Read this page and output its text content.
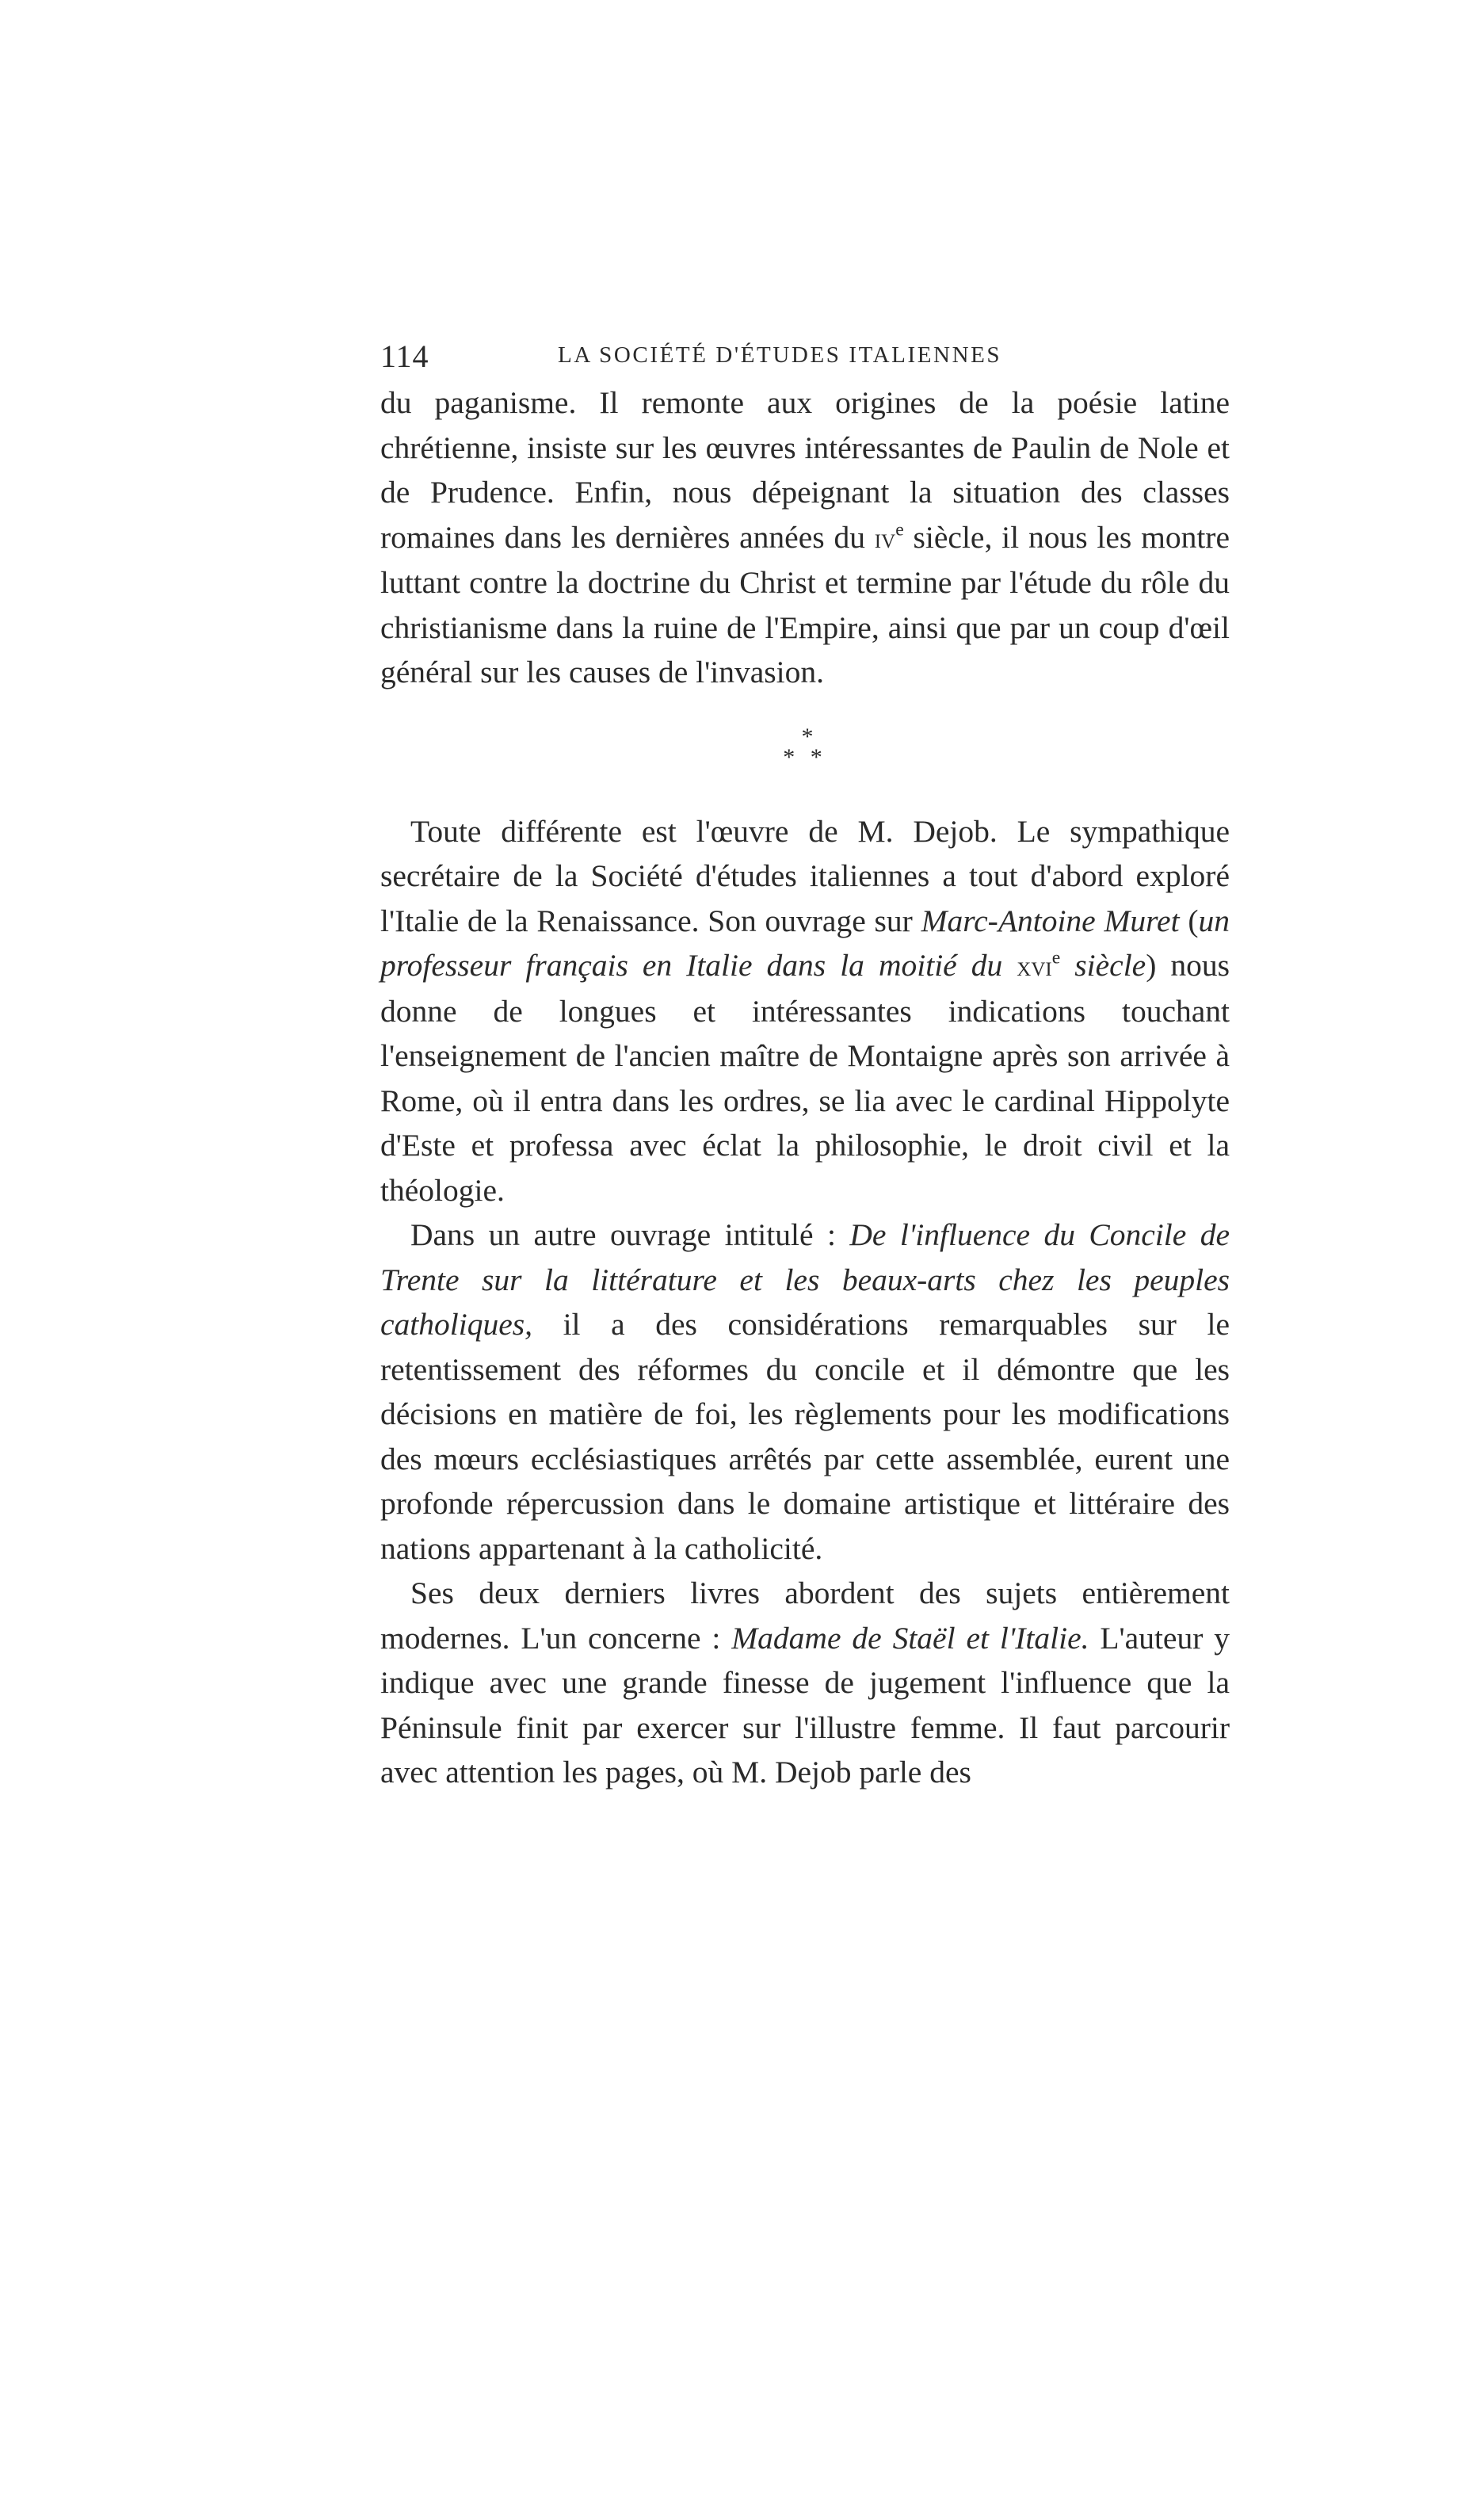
114	LA SOCIÉTÉ D'ÉTUDES ITALIENNES

du paganisme. Il remonte aux origines de la poésie latine chrétienne, insiste sur les œuvres intéressantes de Paulin de Nole et de Prudence. Enfin, nous dépeignant la situation des classes romaines dans les dernières années du $iv^e$ siècle, il nous les montre luttant contre la doctrine du Christ et termine par l'étude du rôle du christianisme dans la ruine de l'Empire, ainsi que par un coup d'œil général sur les causes de l'invasion.

*
* *

Toute différente est l'œuvre de M. Dejob. Le sympathique secrétaire de la Société d'études italiennes a tout d'abord exploré l'Italie de la Renaissance. Son ouvrage sur Marc-Antoine Muret (un professeur français en Italie dans la moitié du xvi$^e$ siècle) nous donne de longues et intéressantes indications touchant l'enseignement de l'ancien maître de Montaigne après son arrivée à Rome, où il entra dans les ordres, se lia avec le cardinal Hippolyte d'Este et professa avec éclat la philosophie, le droit civil et la théologie.

Dans un autre ouvrage intitulé : De l'influence du Concile de Trente sur la littérature et les beaux-arts chez les peuples catholiques, il a des considérations remarquables sur le retentissement des réformes du concile et il démontre que les décisions en matière de foi, les règlements pour les modifications des mœurs ecclésiastiques arrêtés par cette assemblée, eurent une profonde répercussion dans le domaine artistique et littéraire des nations appartenant à la catholicité.

Ses deux derniers livres abordent des sujets entièrement modernes. L'un concerne : Madame de Staël et l'Italie. L'auteur y indique avec une grande finesse de jugement l'influence que la Péninsule finit par exercer sur l'illustre femme. Il faut parcourir avec attention les pages, où M. Dejob parle des
